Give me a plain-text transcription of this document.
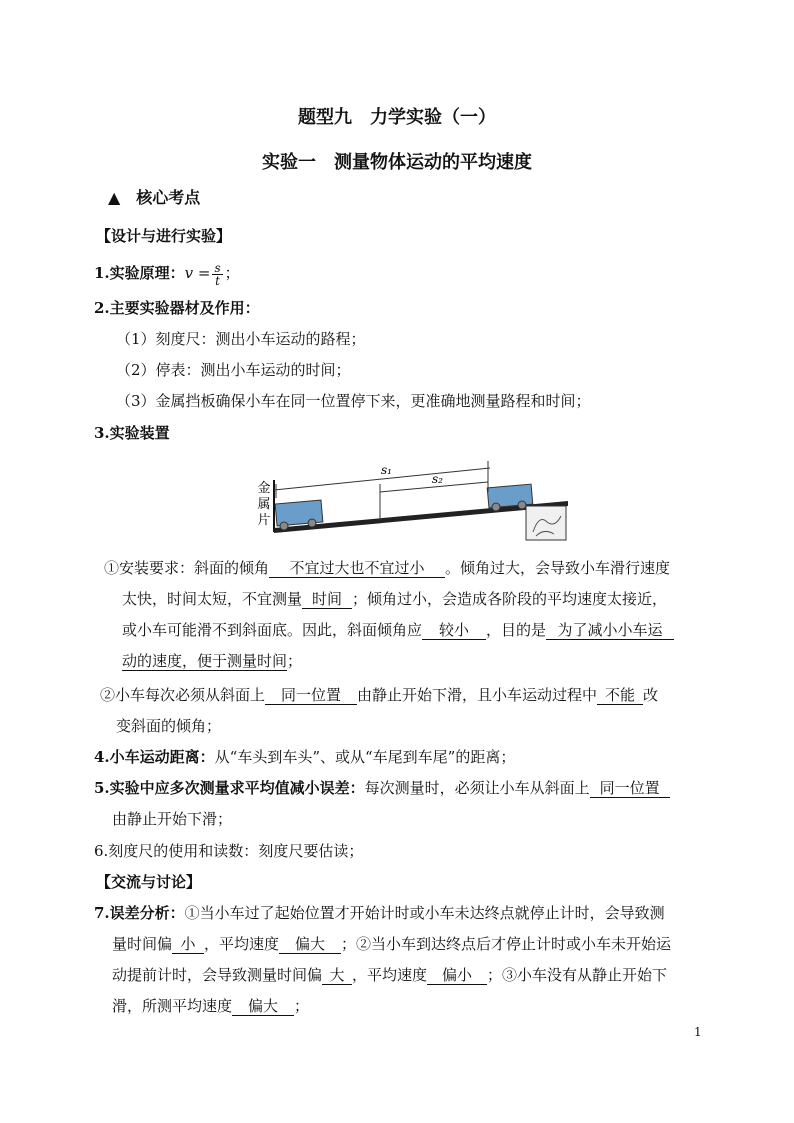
题型九　力学实验（一）
实验一　测量物体运动的平均速度
▲　核心考点
【设计与进行实验】
1.实验原理：$v = \frac{s}{t}$ ；
2.主要实验器材及作用：
（1）刻度尺：测出小车运动的路程；
（2）停表：测出小车运动的时间；
（3）金属挡板确保小车在同一位置停下来，更准确地测量路程和时间；
3.实验装置
金
属
片
s₁
s₂
①安装要求：斜面的倾角 不宜过大也不宜过小 。倾角过大，会导致小车滑行速度
太快，时间太短，不宜测量 时间 ；倾角过小，会造成各阶段的平均速度太接近，
或小车可能滑不到斜面底。因此，斜面倾角应 较小 ，目的是 为了减小小车运
动的速度，便于测量时间；
②小车每次必须从斜面上 同一位置 由静止开始下滑，且小车运动过程中 不能 改
变斜面的倾角；
4.小车运动距离：从“车头到车头”、或从“车尾到车尾”的距离；
5.实验中应多次测量求平均值减小误差：每次测量时，必须让小车从斜面上 同一位置
由静止开始下滑；
6.刻度尺的使用和读数：刻度尺要估读；
【交流与讨论】
7.误差分析：①当小车过了起始位置才开始计时或小车未达终点就停止计时，会导致测
量时间偏 小 ，平均速度 偏大 ；②当小车到达终点后才停止计时或小车未开始运
动提前计时，会导致测量时间偏 大 ，平均速度 偏小 ；③小车没有从静止开始下
滑，所测平均速度 偏大 ；
1
